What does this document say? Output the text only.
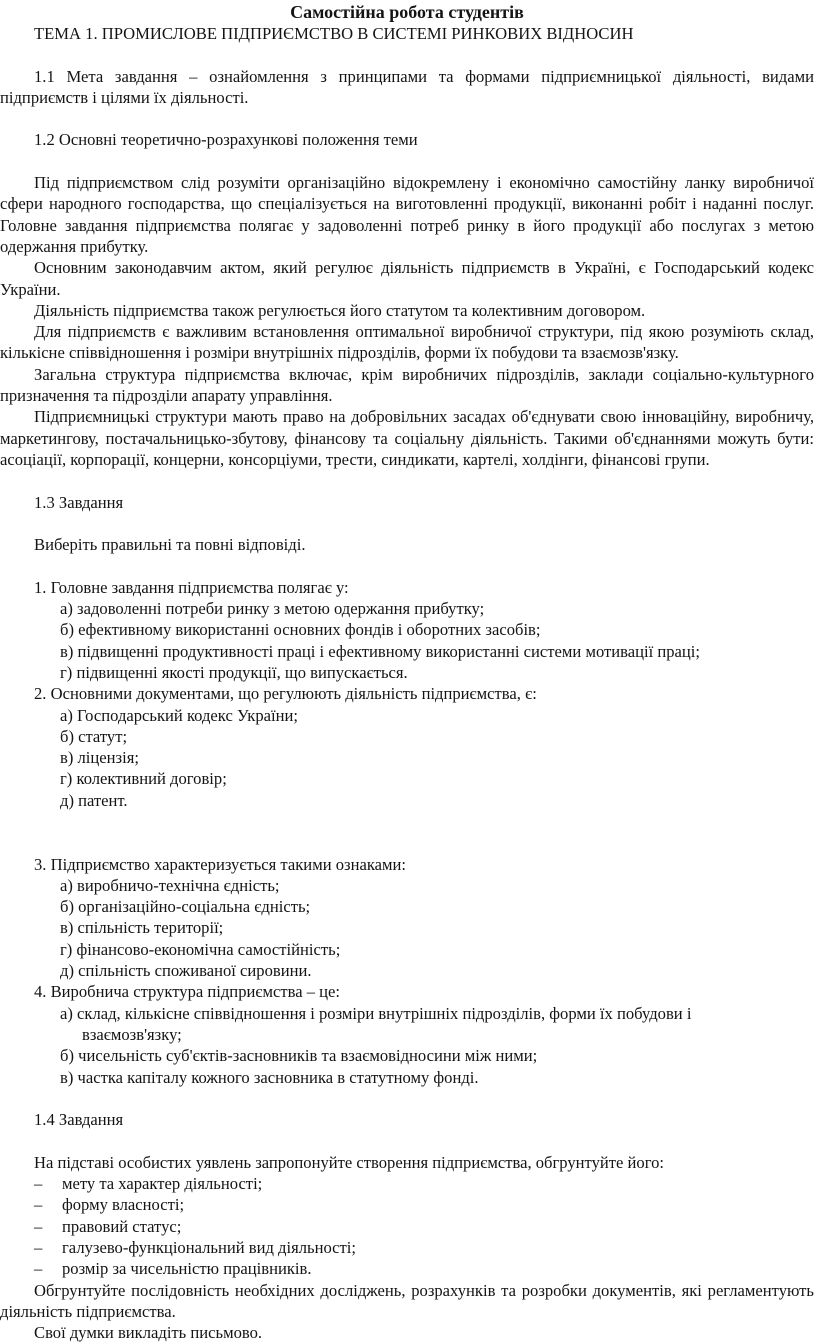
Самостійна робота студентів

ТЕМА 1. ПРОМИСЛОВЕ ПІДПРИЄМСТВО В СИСТЕМІ РИНКОВИХ ВІДНОСИН

1.1 Мета завдання – ознайомлення з принципами та формами підприємницької діяльності, видами підприємств і цілями їх діяльності.

1.2 Основні теоретично-розрахункові положення теми

Під підприємством слід розуміти організаційно відокремлену і економічно самостійну ланку виробничої сфери народного господарства, що спеціалізується на виготовленні продукції, виконанні робіт і наданні послуг. Головне завдання підприємства полягає у задоволенні потреб ринку в його продукції або послугах з метою одержання прибутку.

Основним законодавчим актом, який регулює діяльність підприємств в Україні, є Господарський кодекс України.

Діяльність підприємства також регулюється його статутом та колективним договором.

Для підприємств є важливим встановлення оптимальної виробничої структури, під якою розуміють склад, кількісне співвідношення і розміри внутрішніх підрозділів, форми їх побудови та взаємозв'язку.

Загальна структура підприємства включає, крім виробничих підрозділів, заклади соціально-культурного призначення та підрозділи апарату управління.

Підприємницькі структури мають право на добровільних засадах об'єднувати свою інноваційну, виробничу, маркетингову, постачальницько-збутову, фінансову та соціальну діяльність. Такими об'єднаннями можуть бути: асоціації, корпорації, концерни, консорціуми, трести, синдикати, картелі, холдінги, фінансові групи.

1.3 Завдання

Виберіть правильні та повні відповіді.

1. Головне завдання підприємства полягає у:

а) задоволенні потреби ринку з метою одержання прибутку;

б) ефективному використанні основних фондів і оборотних засобів;

в) підвищенні продуктивності праці і ефективному використанні системи мотивації праці;

г) підвищенні якості продукції, що випускається.

2. Основними документами, що регулюють діяльність підприємства, є:

а) Господарський кодекс України;

б) статут;

в) ліцензія;

г) колективний договір;

д) патент.

3. Підприємство характеризується такими ознаками:

а) виробничо-технічна єдність;

б) організаційно-соціальна єдність;

в) спільність території;

г) фінансово-економічна самостійність;

д) спільність споживаної сировини.

4. Виробнича структура підприємства – це:

а) склад, кількісне співвідношення і розміри внутрішніх підрозділів, форми їх побудови і
взаємозв'язку;

б) чисельність суб'єктів-засновників та взаємовідносини між ними;

в) частка капіталу кожного засновника в статутному фонді.

1.4 Завдання

На підставі особистих уявлень запропонуйте створення підприємства, обгрунтуйте його:

– мету та характер діяльності;

– форму власності;

– правовий статус;

– галузево-функціональний вид діяльності;

– розмір за чисельністю працівників.

Обгрунтуйте послідовність необхідних досліджень, розрахунків та розробки документів, які регламентують діяльність підприємства.

Свої думки викладіть письмово.
